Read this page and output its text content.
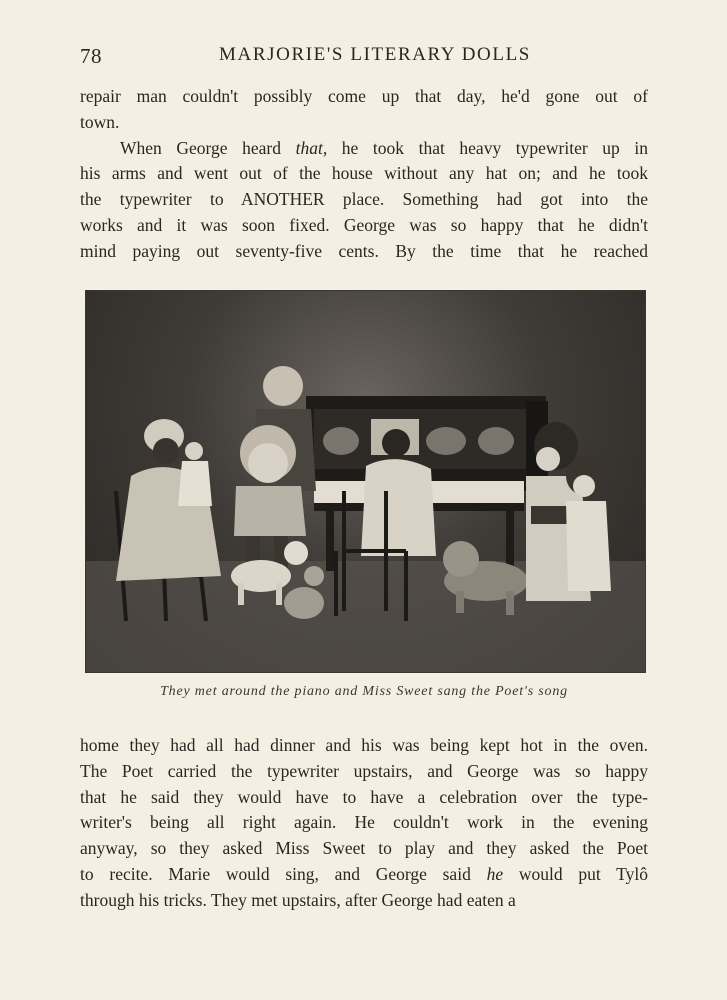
78	MARJORIE'S LITERARY DOLLS
repair man couldn't possibly come up that day, he'd gone out of
town.
When George heard that, he took that heavy typewriter up in
his arms and went out of the house without any hat on; and he took
the typewriter to ANOTHER place. Something had got into the
works and it was soon fixed. George was so happy that he didn't
mind paying out seventy-five cents. By the time that he reached
They met around the piano and Miss Sweet sang the Poet's song
home they had all had dinner and his was being kept hot in the oven.
The Poet carried the typewriter upstairs, and George was so happy
that he said they would have to have a celebration over the type-
writer's being all right again. He couldn't work in the evening
anyway, so they asked Miss Sweet to play and they asked the Poet
to recite. Marie would sing, and George said he would put Tylô
through his tricks. They met upstairs, after George had eaten a
